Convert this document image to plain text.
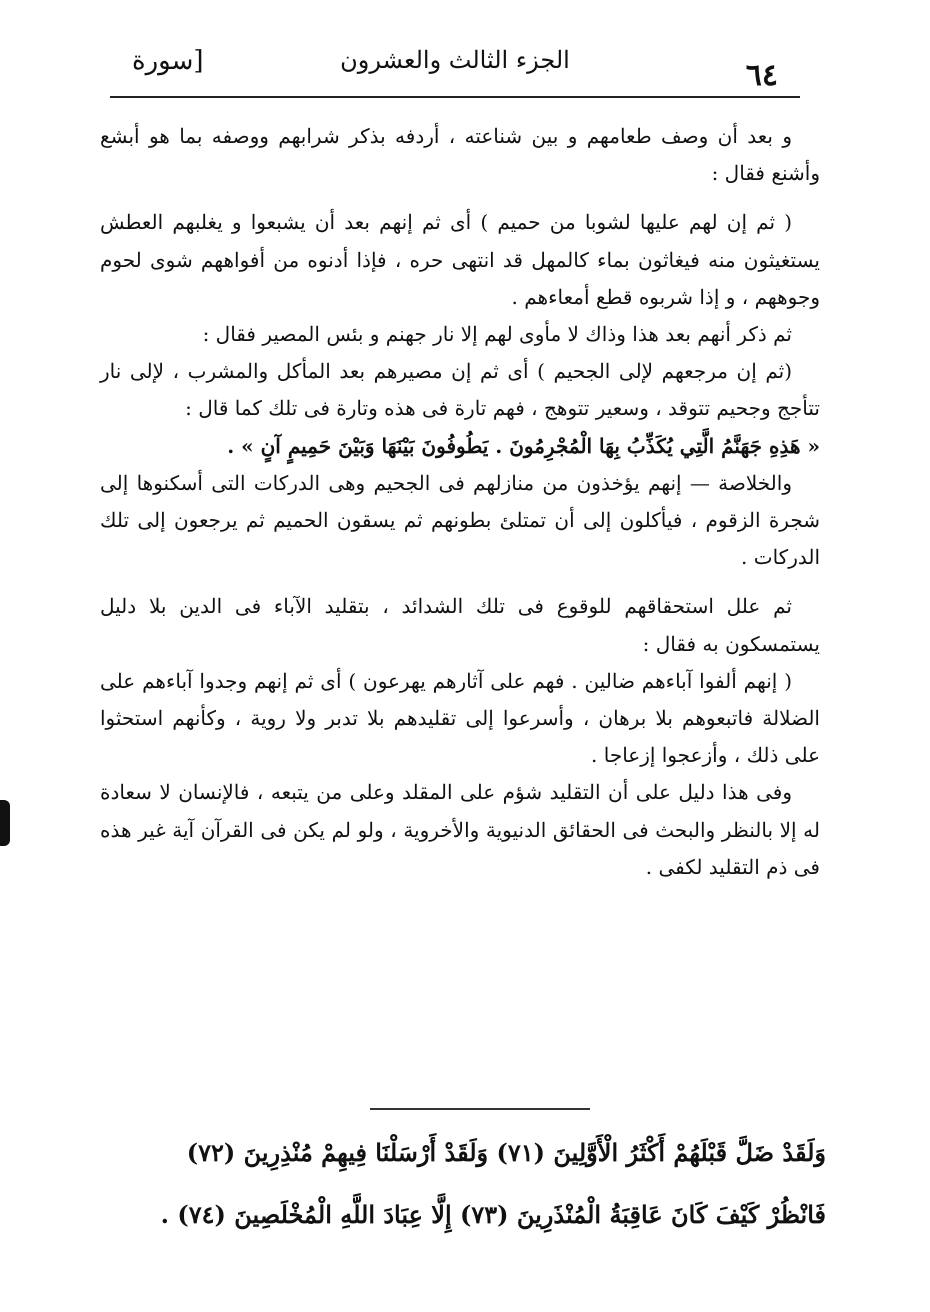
٦٤
الجزء الثالث والعشرون
[سورة

و بعد أن وصف طعامهم و بين شناعته ، أردفه بذكر شرابهم ووصفه بما هو أبشع وأشنع فقال :

( ثم إن لهم عليها لشوبا من حميم ) أى ثم إنهم بعد أن يشبعوا و يغلبهم العطش يستغيثون منه فيغاثون بماء كالمهل قد انتهى حره ، فإذا أدنوه من أفواههم شوى لحوم وجوههم ، و إذا شربوه قطع أمعاءهم .

ثم ذكر أنهم بعد هذا وذاك لا مأوى لهم إلا نار جهنم و بئس المصير فقال :

(ثم إن مرجعهم لإلى الجحيم ) أى ثم إن مصيرهم بعد المأكل والمشرب ، لإلى نار تتأجج وجحيم تتوقد ، وسعير تتوهج ، فهم تارة فى هذه وتارة فى تلك كما قال :

« هَذِهِ جَهَنَّمُ الَّتِي يُكَذِّبُ بِهَا الْمُجْرِمُونَ . يَطُوفُونَ بَيْنَهَا وَبَيْنَ حَمِيمٍ آنٍ » .

والخلاصة — إنهم يؤخذون من منازلهم فى الجحيم وهى الدركات التى أسكنوها إلى شجرة الزقوم ، فيأكلون إلى أن تمتلئ بطونهم ثم يسقون الحميم ثم يرجعون إلى تلك الدركات .

ثم علل استحقاقهم للوقوع فى تلك الشدائد ، بتقليد الآباء فى الدين بلا دليل يستمسكون به فقال :

( إنهم ألفوا آباءهم ضالين . فهم على آثارهم يهرعون ) أى ثم إنهم وجدوا آباءهم على الضلالة فاتبعوهم بلا برهان ، وأسرعوا إلى تقليدهم بلا تدبر ولا روية ، وكأنهم استحثوا على ذلك ، وأزعجوا إزعاجا .

وفى هذا دليل على أن التقليد شؤم على المقلد وعلى من يتبعه ، فالإنسان لا سعادة له إلا بالنظر والبحث فى الحقائق الدنيوية والأخروية ، ولو لم يكن فى القرآن آية غير هذه فى ذم التقليد لكفى .

وَلَقَدْ ضَلَّ قَبْلَهُمْ أَكْثَرُ الْأَوَّلِينَ (٧١) وَلَقَدْ أَرْسَلْنَا فِيهِمْ مُنْذِرِينَ (٧٢)

فَانْظُرْ كَيْفَ كَانَ عَاقِبَةُ الْمُنْذَرِينَ (٧٣) إِلَّا عِبَادَ اللَّهِ الْمُخْلَصِينَ (٧٤) .
